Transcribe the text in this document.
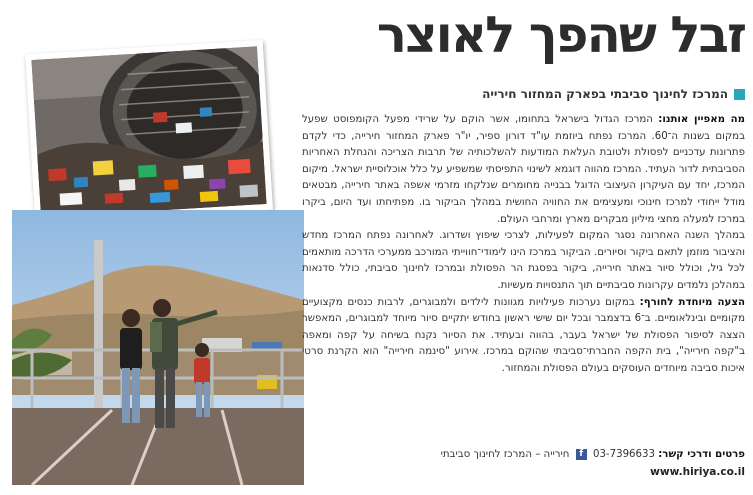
זבל שהפך לאוצר
המרכז לחינוך סביבתי בפארק המחזור חירייה
מה מאפיין אותנו: המרכז הגדול בישראל בתחומו, אשר הוקם על שרידי מפעל הקומפוסט שפעל במקום בשנות ה־60. המרכז נפתח ביוזמת עו"ד דורון ספיר, יו"ר פארק המחזור חירייה, כדי לקדם פתרונות עדכניים לפסולת ולטובת העלאת המודעות להשלכותיה של תרבות הצריכה והנחלת האחריות הסביבתית לדור העתיד. המרכז מהווה דוגמא לשינוי התפיסתי שמשפיע על כלל אוכלוסיית ישראל. מיקום המרכז, יחד עם העיקרון העיצובי הדוגל בבנייה מחומרים שנלקחו מזרמי אשפה באתר חירייה, מבטאים מודל ייחודי למרכז חינוכי ומעצימים את החוויה החושית במהלך הביקור בו. מפתיחתו ועד היום, ביקרו במרכז למעלה מחצי מיליון מבקרים מארץ ומרחבי העולם.
במהלך השנה האחרונה נסגר המקום לפעילות, לצרכי שיפוץ ושדרוג. לאחרונה נפתח המרכז מחדש והציבור מוזמן לתאם ביקור וסיורים. הביקור במרכז הינו לימודי־חווייתי המורכב ממערכי הדרכה מותאמים לכל גיל, וכולל סיור באתר חירייה, ביקור בפסגת הר הפסולת ובמרכז לחינוך סביבתי, כולל סדנאות במהלכן נלמדים עקרונות סביבתיים תוך התנסויות מעשיות.
הצעה מיוחדת לחורף: במקום נערכות פעילויות מגוונות לילדים ולמבוגרים, לרבות כנסים מקצועיים מקומיים ובינלאומיים. ב־6 בדצמבר ובכל יום שישי ראשון בחודש יתקיים סיור מיוחד למבוגרים, המאפשר הצצה לסיפור הפסולת של ישראל בעבר, בהווה ובעתיד. את הסיור נקנח בשיחה על קפה ומאפה ב"קפה חירייה", בית הקפה החברתי־סביבתי שהוקם במרכז. אירוע "סינמה חירייה" הוא הקרנת סרטי איכות סביבה מיוחדים העוסקים בעולם הפסולת והמחזור.
פרטים ודרכי קשר: 03-7396633 f חירייה – המרכז לחינוך סביבתי
www.hiriya.co.il
